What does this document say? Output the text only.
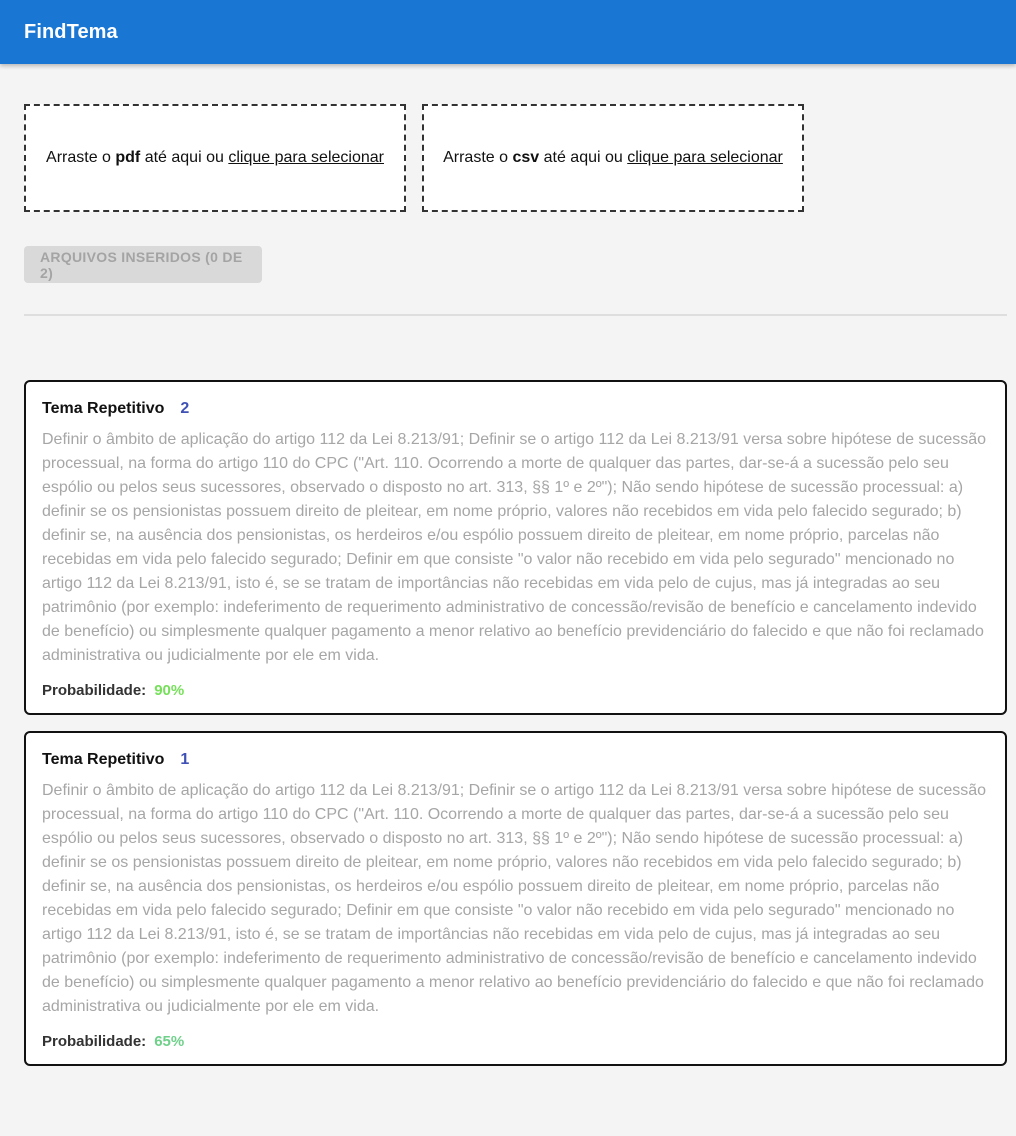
FindTema
Arraste o pdf até aqui ou clique para selecionar	Arraste o csv até aqui ou clique para selecionar
ARQUIVOS INSERIDOS (0 DE 2)
Tema Repetitivo 2
Definir o âmbito de aplicação do artigo 112 da Lei 8.213/91; Definir se o artigo 112 da Lei 8.213/91 versa sobre hipótese de sucessão processual, na forma do artigo 110 do CPC ("Art. 110. Ocorrendo a morte de qualquer das partes, dar-se-á a sucessão pelo seu espólio ou pelos seus sucessores, observado o disposto no art. 313, §§ 1º e 2º"); Não sendo hipótese de sucessão processual: a) definir se os pensionistas possuem direito de pleitear, em nome próprio, valores não recebidos em vida pelo falecido segurado; b) definir se, na ausência dos pensionistas, os herdeiros e/ou espólio possuem direito de pleitear, em nome próprio, parcelas não recebidas em vida pelo falecido segurado; Definir em que consiste "o valor não recebido em vida pelo segurado" mencionado no artigo 112 da Lei 8.213/91, isto é, se se tratam de importâncias não recebidas em vida pelo de cujus, mas já integradas ao seu patrimônio (por exemplo: indeferimento de requerimento administrativo de concessão/revisão de benefício e cancelamento indevido de benefício) ou simplesmente qualquer pagamento a menor relativo ao benefício previdenciário do falecido e que não foi reclamado administrativa ou judicialmente por ele em vida.
Probabilidade: 90%
Tema Repetitivo 1
Definir o âmbito de aplicação do artigo 112 da Lei 8.213/91; Definir se o artigo 112 da Lei 8.213/91 versa sobre hipótese de sucessão processual, na forma do artigo 110 do CPC ("Art. 110. Ocorrendo a morte de qualquer das partes, dar-se-á a sucessão pelo seu espólio ou pelos seus sucessores, observado o disposto no art. 313, §§ 1º e 2º"); Não sendo hipótese de sucessão processual: a) definir se os pensionistas possuem direito de pleitear, em nome próprio, valores não recebidos em vida pelo falecido segurado; b) definir se, na ausência dos pensionistas, os herdeiros e/ou espólio possuem direito de pleitear, em nome próprio, parcelas não recebidas em vida pelo falecido segurado; Definir em que consiste "o valor não recebido em vida pelo segurado" mencionado no artigo 112 da Lei 8.213/91, isto é, se se tratam de importâncias não recebidas em vida pelo de cujus, mas já integradas ao seu patrimônio (por exemplo: indeferimento de requerimento administrativo de concessão/revisão de benefício e cancelamento indevido de benefício) ou simplesmente qualquer pagamento a menor relativo ao benefício previdenciário do falecido e que não foi reclamado administrativa ou judicialmente por ele em vida.
Probabilidade: 65%
